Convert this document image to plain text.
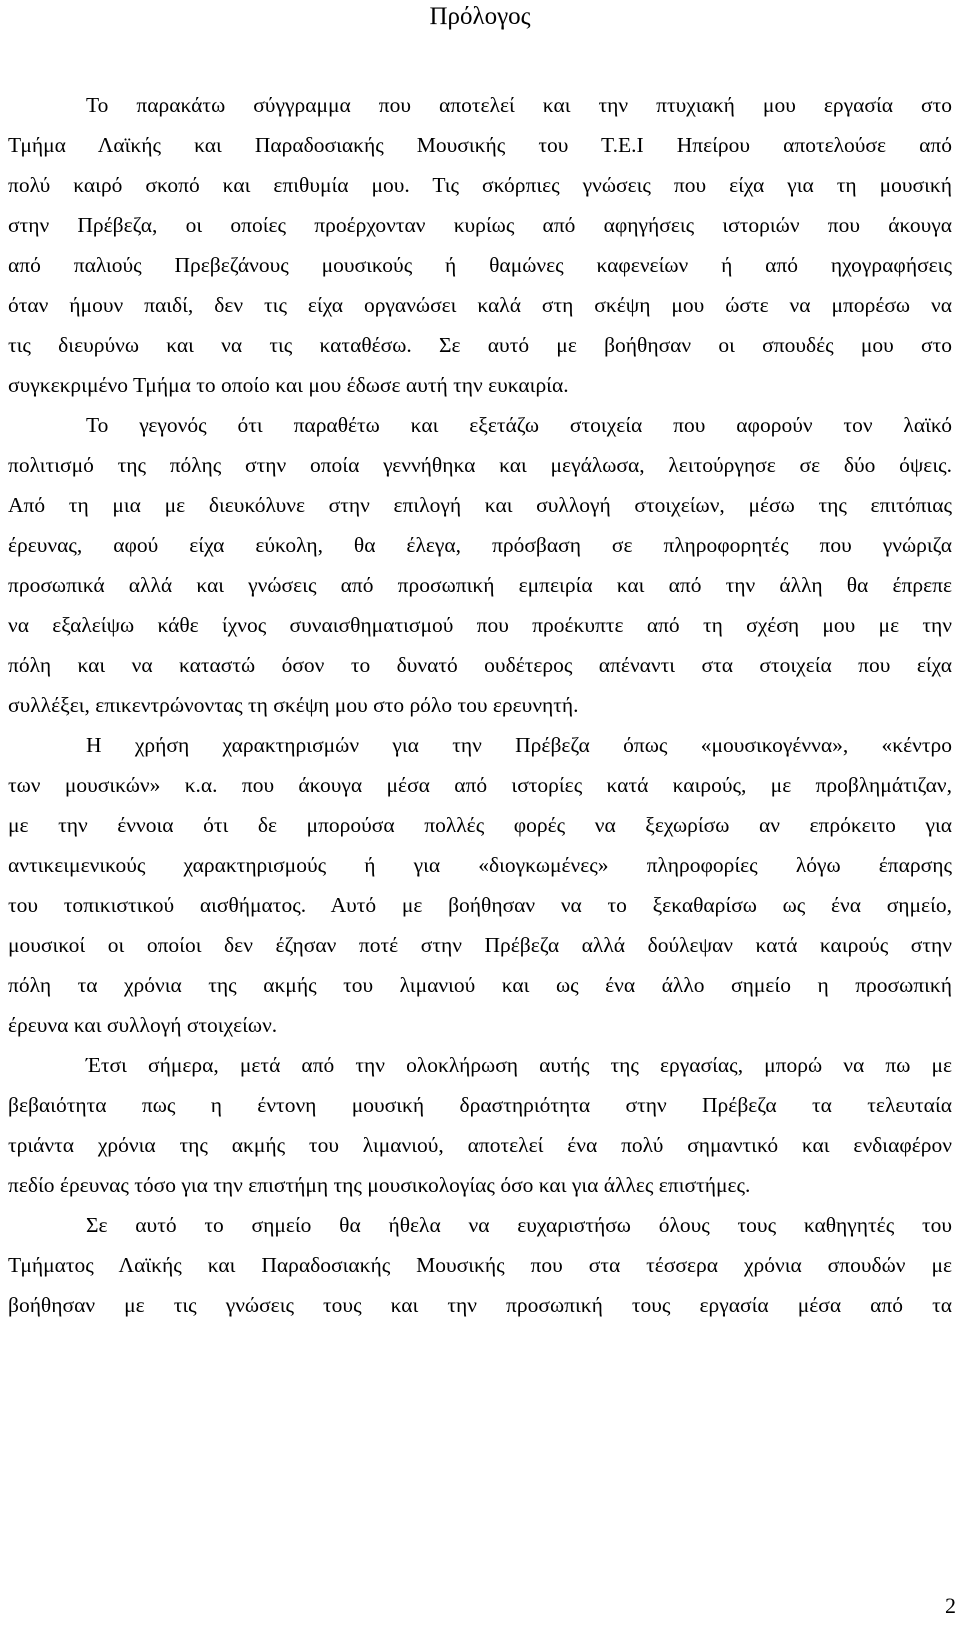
Πρόλογος
Το παρακάτω σύγγραμμα που αποτελεί και την πτυχιακή μου εργασία στο
Τμήμα Λαϊκής και Παραδοσιακής Μουσικής του Τ.Ε.Ι Ηπείρου αποτελούσε από
πολύ καιρό σκοπό και επιθυμία μου. Τις σκόρπιες γνώσεις που είχα για τη μουσική
στην Πρέβεζα, οι οποίες προέρχονταν κυρίως από αφηγήσεις ιστοριών που άκουγα
από παλιούς Πρεβεζάνους μουσικούς ή θαμώνες καφενείων ή από ηχογραφήσεις
όταν ήμουν παιδί, δεν τις είχα οργανώσει καλά στη σκέψη μου ώστε να μπορέσω να
τις διευρύνω και να τις καταθέσω. Σε αυτό με βοήθησαν οι σπουδές μου στο
συγκεκριμένο Τμήμα το οποίο και μου έδωσε αυτή την ευκαιρία.
Το γεγονός ότι παραθέτω και εξετάζω στοιχεία που αφορούν τον λαϊκό
πολιτισμό της πόλης στην οποία γεννήθηκα και μεγάλωσα, λειτούργησε σε δύο όψεις.
Από τη μια με διευκόλυνε στην επιλογή και συλλογή στοιχείων, μέσω της επιτόπιας
έρευνας, αφού είχα εύκολη, θα έλεγα, πρόσβαση σε πληροφορητές που γνώριζα
προσωπικά αλλά και γνώσεις από προσωπική εμπειρία και από την άλλη θα έπρεπε
να εξαλείψω κάθε ίχνος συναισθηματισμού που προέκυπτε από τη σχέση μου με την
πόλη και να καταστώ όσον το δυνατό ουδέτερος απέναντι στα στοιχεία που είχα
συλλέξει, επικεντρώνοντας τη σκέψη μου στο ρόλο του ερευνητή.
Η χρήση χαρακτηρισμών για την Πρέβεζα όπως «μουσικογέννα», «κέντρο
των μουσικών» κ.α. που άκουγα μέσα από ιστορίες κατά καιρούς, με προβλημάτιζαν,
με την έννοια ότι δε μπορούσα πολλές φορές να ξεχωρίσω αν επρόκειτο για
αντικειμενικούς χαρακτηρισμούς ή για «διογκωμένες» πληροφορίες λόγω έπαρσης
του τοπικιστικού αισθήματος. Αυτό με βοήθησαν να το ξεκαθαρίσω ως ένα σημείο,
μουσικοί οι οποίοι δεν έζησαν ποτέ στην Πρέβεζα αλλά δούλεψαν κατά καιρούς στην
πόλη τα χρόνια της ακμής του λιμανιού και ως ένα άλλο σημείο η προσωπική
έρευνα και συλλογή στοιχείων.
Έτσι σήμερα, μετά από την ολοκλήρωση αυτής της εργασίας, μπορώ να πω με
βεβαιότητα πως η έντονη μουσική δραστηριότητα στην Πρέβεζα τα τελευταία
τριάντα χρόνια της ακμής του λιμανιού, αποτελεί ένα πολύ σημαντικό και ενδιαφέρον
πεδίο έρευνας τόσο για την επιστήμη της μουσικολογίας όσο και για άλλες επιστήμες.
Σε αυτό το σημείο θα ήθελα να ευχαριστήσω όλους τους καθηγητές του
Τμήματος Λαϊκής και Παραδοσιακής Μουσικής που στα τέσσερα χρόνια σπουδών με
βοήθησαν με τις γνώσεις τους και την προσωπική τους εργασία μέσα από τα
2
